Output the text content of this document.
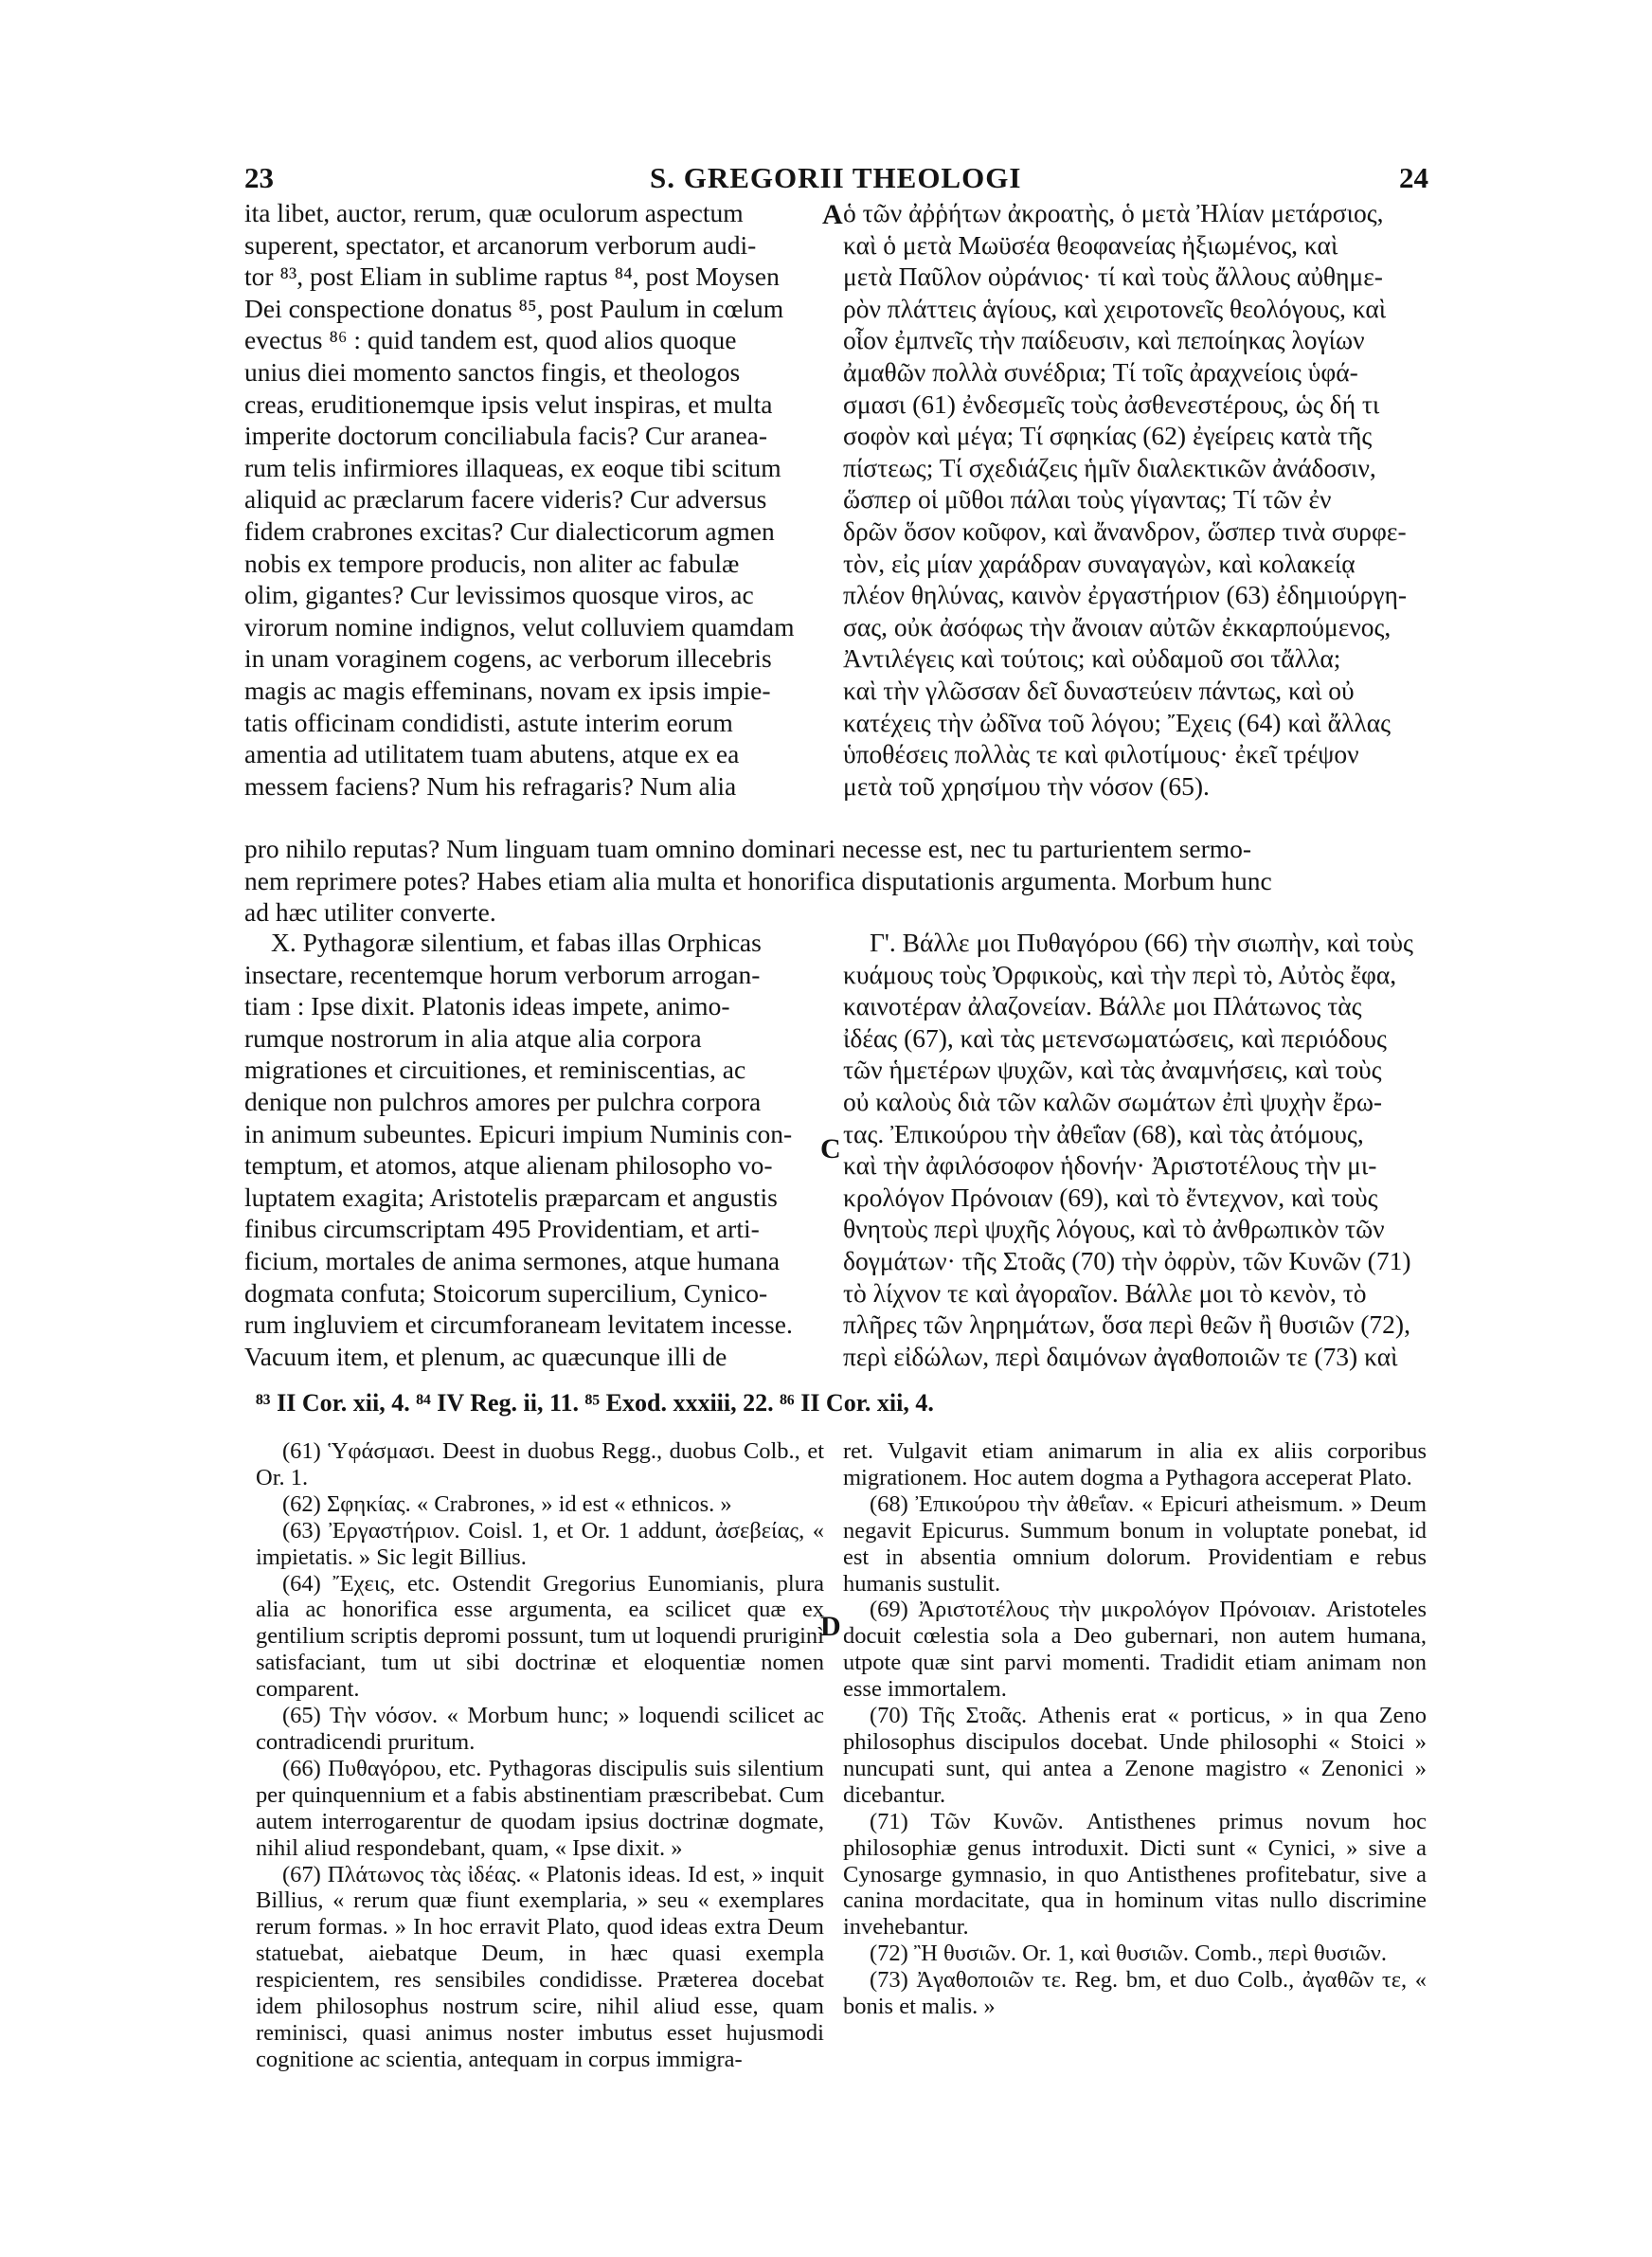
23	S. GREGORII THEOLOGI	24
A
C
D
ita libet, auctor, rerum, quæ oculorum aspectum
superent, spectator, et arcanorum verborum audi-
tor ⁸³, post Eliam in sublime raptus ⁸⁴, post Moysen
Dei conspectione donatus ⁸⁵, post Paulum in cœlum
evectus ⁸⁶ : quid tandem est, quod alios quoque
unius diei momento sanctos fingis, et theologos
creas, eruditionemque ipsis velut inspiras, et multa
imperite doctorum conciliabula facis? Cur aranea-
rum telis infirmiores illaqueas, ex eoque tibi scitum
aliquid ac præclarum facere videris? Cur adversus
fidem crabrones excitas? Cur dialecticorum agmen
nobis ex tempore producis, non aliter ac fabulæ
olim, gigantes? Cur levissimos quosque viros, ac
virorum nomine indignos, velut colluviem quamdam
in unam voraginem cogens, ac verborum illecebris
magis ac magis effeminans, novam ex ipsis impie-
tatis officinam condidisti, astute interim eorum
amentia ad utilitatem tuam abutens, atque ex ea
messem faciens? Num his refragaris? Num alia
ὁ τῶν ἀῤῥήτων ἀκροατὴς, ὁ μετὰ Ἠλίαν μετάρσιος,
καὶ ὁ μετὰ Μωϋσέα θεοφανείας ἠξιωμένος, καὶ
μετὰ Παῦλον οὐράνιος· τί καὶ τοὺς ἄλλους αὐθημε-
ρὸν πλάττεις ἁγίους, καὶ χειροτονεῖς θεολόγους, καὶ
οἷον ἐμπνεῖς τὴν παίδευσιν, καὶ πεποίηκας λογίων
ἀμαθῶν πολλὰ συνέδρια; Τί τοῖς ἀραχνείοις ὑφά-
σμασι (61) ἐνδεσμεῖς τοὺς ἀσθενεστέρους, ὡς δή τι
σοφὸν καὶ μέγα; Τί σφηκίας (62) ἐγείρεις κατὰ τῆς
πίστεως; Τί σχεδιάζεις ἡμῖν διαλεκτικῶν ἀνάδοσιν,
ὥσπερ οἱ μῦθοι πάλαι τοὺς γίγαντας; Τί τῶν ἐν
δρῶν ὅσον κοῦφον, καὶ ἄνανδρον, ὥσπερ τινὰ συρφε-
τὸν, εἰς μίαν χαράδραν συναγαγὼν, καὶ κολακείᾳ
πλέον θηλύνας, καινὸν ἐργαστήριον (63) ἐδημιούργη-
σας, οὐκ ἀσόφως τὴν ἄνοιαν αὐτῶν ἐκκαρπούμενος,
Ἀντιλέγεις καὶ τούτοις; καὶ οὐδαμοῦ σοι τἄλλα;
καὶ τὴν γλῶσσαν δεῖ δυναστεύειν πάντως, καὶ οὐ
κατέχεις τὴν ὠδῖνα τοῦ λόγου; Ἔχεις (64) καὶ ἄλλας
ὑποθέσεις πολλὰς τε καὶ φιλοτίμους· ἐκεῖ τρέψον
μετὰ τοῦ χρησίμου τὴν νόσον (65).
pro nihilo reputas? Num linguam tuam omnino dominari necesse est, nec tu parturientem sermo-
nem reprimere potes? Habes etiam alia multa et honorifica disputationis argumenta. Morbum hunc
ad hæc utiliter converte.
X. Pythagoræ silentium, et fabas illas Orphicas
insectare, recentemque horum verborum arrogan-
tiam : Ipse dixit. Platonis ideas impete, animo-
rumque nostrorum in alia atque alia corpora
migrationes et circuitiones, et reminiscentias, ac
denique non pulchros amores per pulchra corpora
in animum subeuntes. Epicuri impium Numinis con-
temptum, et atomos, atque alienam philosopho vo-
luptatem exagita; Aristotelis præparcam et angustis
finibus circumscriptam 495 Providentiam, et arti-
ficium, mortales de anima sermones, atque humana
dogmata confuta; Stoicorum supercilium, Cynico-
rum ingluviem et circumforaneam levitatem incesse.
Vacuum item, et plenum, ac quæcunque illi de
Γ'. Βάλλε μοι Πυθαγόρου (66) τὴν σιωπὴν, καὶ τοὺς
κυάμους τοὺς Ὀρφικοὺς, καὶ τὴν περὶ τὸ, Αὐτὸς ἔφα,
καινοτέραν ἀλαζονείαν. Βάλλε μοι Πλάτωνος τὰς
ἰδέας (67), καὶ τὰς μετενσωματώσεις, καὶ περιόδους
τῶν ἡμετέρων ψυχῶν, καὶ τὰς ἀναμνήσεις, καὶ τοὺς
οὐ καλοὺς διὰ τῶν καλῶν σωμάτων ἐπὶ ψυχὴν ἔρω-
τας. Ἐπικούρου τὴν ἀθεΐαν (68), καὶ τὰς ἀτόμους,
καὶ τὴν ἀφιλόσοφον ἡδονήν· Ἀριστοτέλους τὴν μι-
κρολόγον Πρόνοιαν (69), καὶ τὸ ἔντεχνον, καὶ τοὺς
θνητοὺς περὶ ψυχῆς λόγους, καὶ τὸ ἀνθρωπικὸν τῶν
δογμάτων· τῆς Στοᾶς (70) τὴν ὀφρὺν, τῶν Κυνῶν (71)
τὸ λίχνον τε καὶ ἀγοραῖον. Βάλλε μοι τὸ κενὸν, τὸ
πλῆρες τῶν ληρημάτων, ὅσα περὶ θεῶν ἢ θυσιῶν (72),
περὶ εἰδώλων, περὶ δαιμόνων ἀγαθοποιῶν τε (73) καὶ
⁸³ II Cor. xii, 4. ⁸⁴ IV Reg. ii, 11. ⁸⁵ Exod. xxxiii, 22. ⁸⁶ II Cor. xii, 4.

(61) Ὑφάσμασι. Deest in duobus Regg., duobus Colb., et Or. 1.

(62) Σφηκίας. « Crabrones, » id est « ethnicos. »

(63) Ἐργαστήριον. Coisl. 1, et Or. 1 addunt, ἀσεβείας, « impietatis. » Sic legit Billius.

(64) Ἔχεις, etc. Ostendit Gregorius Eunomianis, plura alia ac honorifica esse argumenta, ea scilicet quæ ex gentilium scriptis depromi possunt, tum ut loquendi pruriginì satisfaciant, tum ut sibi doctrinæ et eloquentiæ nomen comparent.

(65) Τὴν νόσον. « Morbum hunc; » loquendi scilicet ac contradicendi pruritum.

(66) Πυθαγόρου, etc. Pythagoras discipulis suis silentium per quinquennium et a fabis abstinentiam præscribebat. Cum autem interrogarentur de quodam ipsius doctrinæ dogmate, nihil aliud respondebant, quam, « Ipse dixit. »

(67) Πλάτωνος τὰς ἰδέας. « Platonis ideas. Id est, » inquit Billius, « rerum quæ fiunt exemplaria, » seu « exemplares rerum formas. » In hoc erravit Plato, quod ideas extra Deum statuebat, aiebatque Deum, in hæc quasi exempla respicientem, res sensibiles condidisse. Præterea docebat idem philosophus nostrum scire, nihil aliud esse, quam reminisci, quasi animus noster imbutus esset hujusmodi cognitione ac scientia, antequam in corpus immigra-

ret. Vulgavit etiam animarum in alia ex aliis corporibus migrationem. Hoc autem dogma a Pythagora acceperat Plato.

(68) Ἐπικούρου τὴν ἀθεΐαν. « Epicuri atheismum. » Deum negavit Epicurus. Summum bonum in voluptate ponebat, id est in absentia omnium dolorum. Providentiam e rebus humanis sustulit.

(69) Ἀριστοτέλους τὴν μικρολόγον Πρόνοιαν. Aristoteles docuit cœlestia sola a Deo gubernari, non autem humana, utpote quæ sint parvi momenti. Tradidit etiam animam non esse immortalem.

(70) Τῆς Στοᾶς. Athenis erat « porticus, » in qua Zeno philosophus discipulos docebat. Unde philosophi « Stoici » nuncupati sunt, qui antea a Zenone magistro « Zenonici » dicebantur.

(71) Τῶν Κυνῶν. Antisthenes primus novum hoc philosophiæ genus introduxit. Dicti sunt « Cynici, » sive a Cynosarge gymnasio, in quo Antisthenes profitebatur, sive a canina mordacitate, qua in hominum vitas nullo discrimine invehebantur.

(72) Ἢ θυσιῶν. Or. 1, καὶ θυσιῶν. Comb., περὶ θυσιῶν.

(73) Ἀγαθοποιῶν τε. Reg. bm, et duo Colb., ἀγαθῶν τε, « bonis et malis. »
